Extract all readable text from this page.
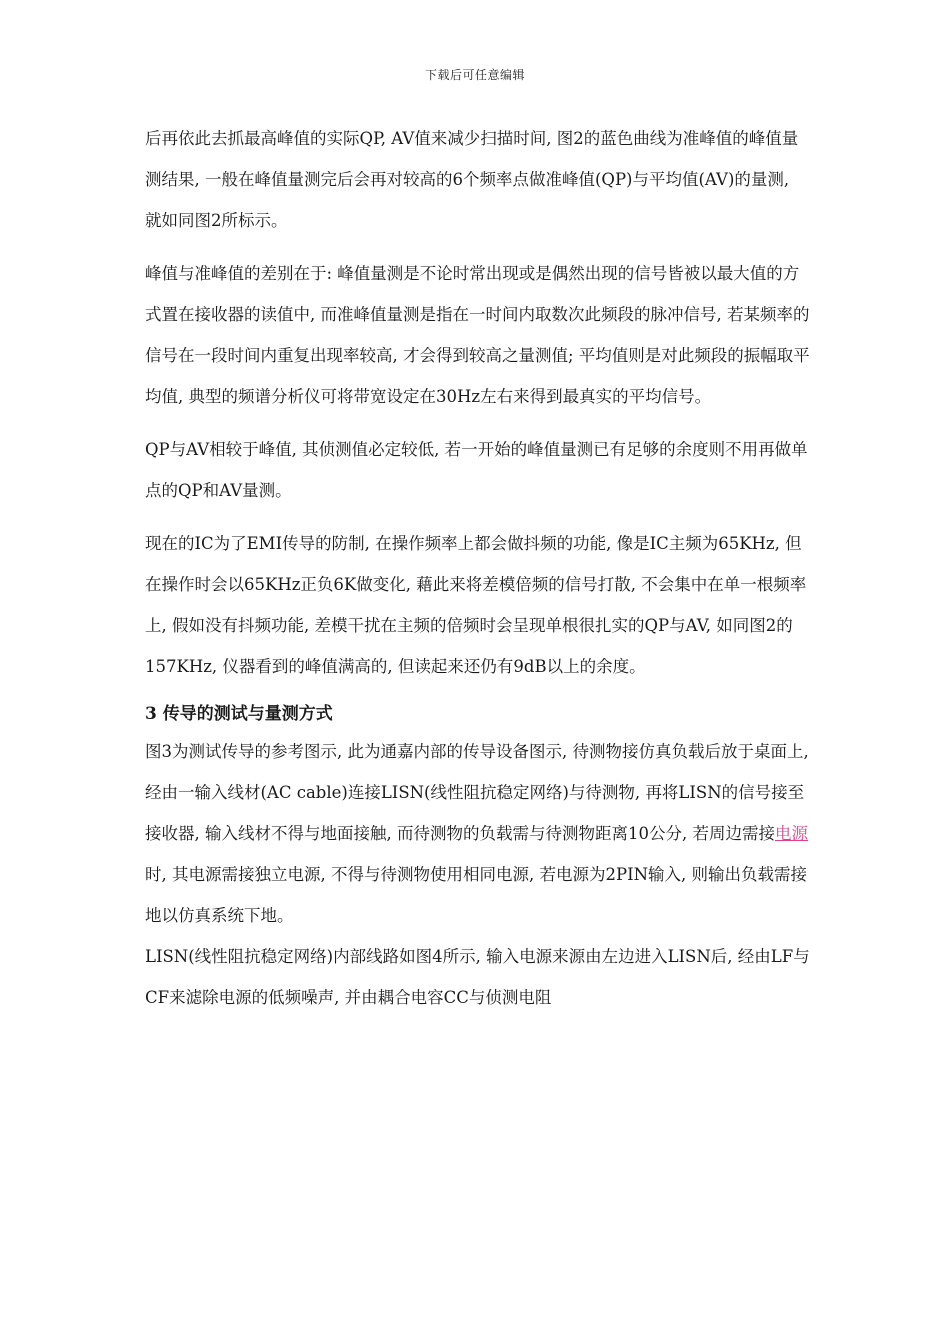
下载后可任意编辑

后再依此去抓最高峰值的实际QP, AV值来减少扫描时间, 图2的蓝色曲线为准峰值的峰值量测结果, 一般在峰值量测完后会再对较高的6个频率点做准峰值(QP)与平均值(AV)的量测, 就如同图2所标示。

峰值与准峰值的差别在于: 峰值量测是不论时常出现或是偶然出现的信号皆被以最大值的方式置在接收器的读值中, 而准峰值量测是指在一时间内取数次此频段的脉冲信号, 若某频率的信号在一段时间内重复出现率较高, 才会得到较高之量测值; 平均值则是对此频段的振幅取平均值, 典型的频谱分析仪可将带宽设定在30Hz左右来得到最真实的平均信号。

QP与AV相较于峰值, 其侦测值必定较低, 若一开始的峰值量测已有足够的余度则不用再做单点的QP和AV量测。

现在的IC为了EMI传导的防制, 在操作频率上都会做抖频的功能, 像是IC主频为65KHz, 但在操作时会以65KHz正负6K做变化, 藉此来将差模倍频的信号打散, 不会集中在单一根频率上, 假如没有抖频功能, 差模干扰在主频的倍频时会呈现单根很扎实的QP与AV, 如同图2的157KHz, 仪器看到的峰值满高的, 但读起来还仍有9dB以上的余度。

3 传导的测试与量测方式

图3为测试传导的参考图示, 此为通嘉内部的传导设备图示, 待测物接仿真负载后放于桌面上, 经由一输入线材(AC cable)连接LISN(线性阻抗稳定网络)与待测物, 再将LISN的信号接至接收器, 输入线材不得与地面接触, 而待测物的负载需与待测物距离10公分, 若周边需接电源时, 其电源需接独立电源, 不得与待测物使用相同电源, 若电源为2PIN输入, 则输出负载需接地以仿真系统下地。

LISN(线性阻抗稳定网络)内部线路如图4所示, 输入电源来源由左边进入LISN后, 经由LF与CF来滤除电源的低频噪声, 并由耦合电容CC与侦测电阻
